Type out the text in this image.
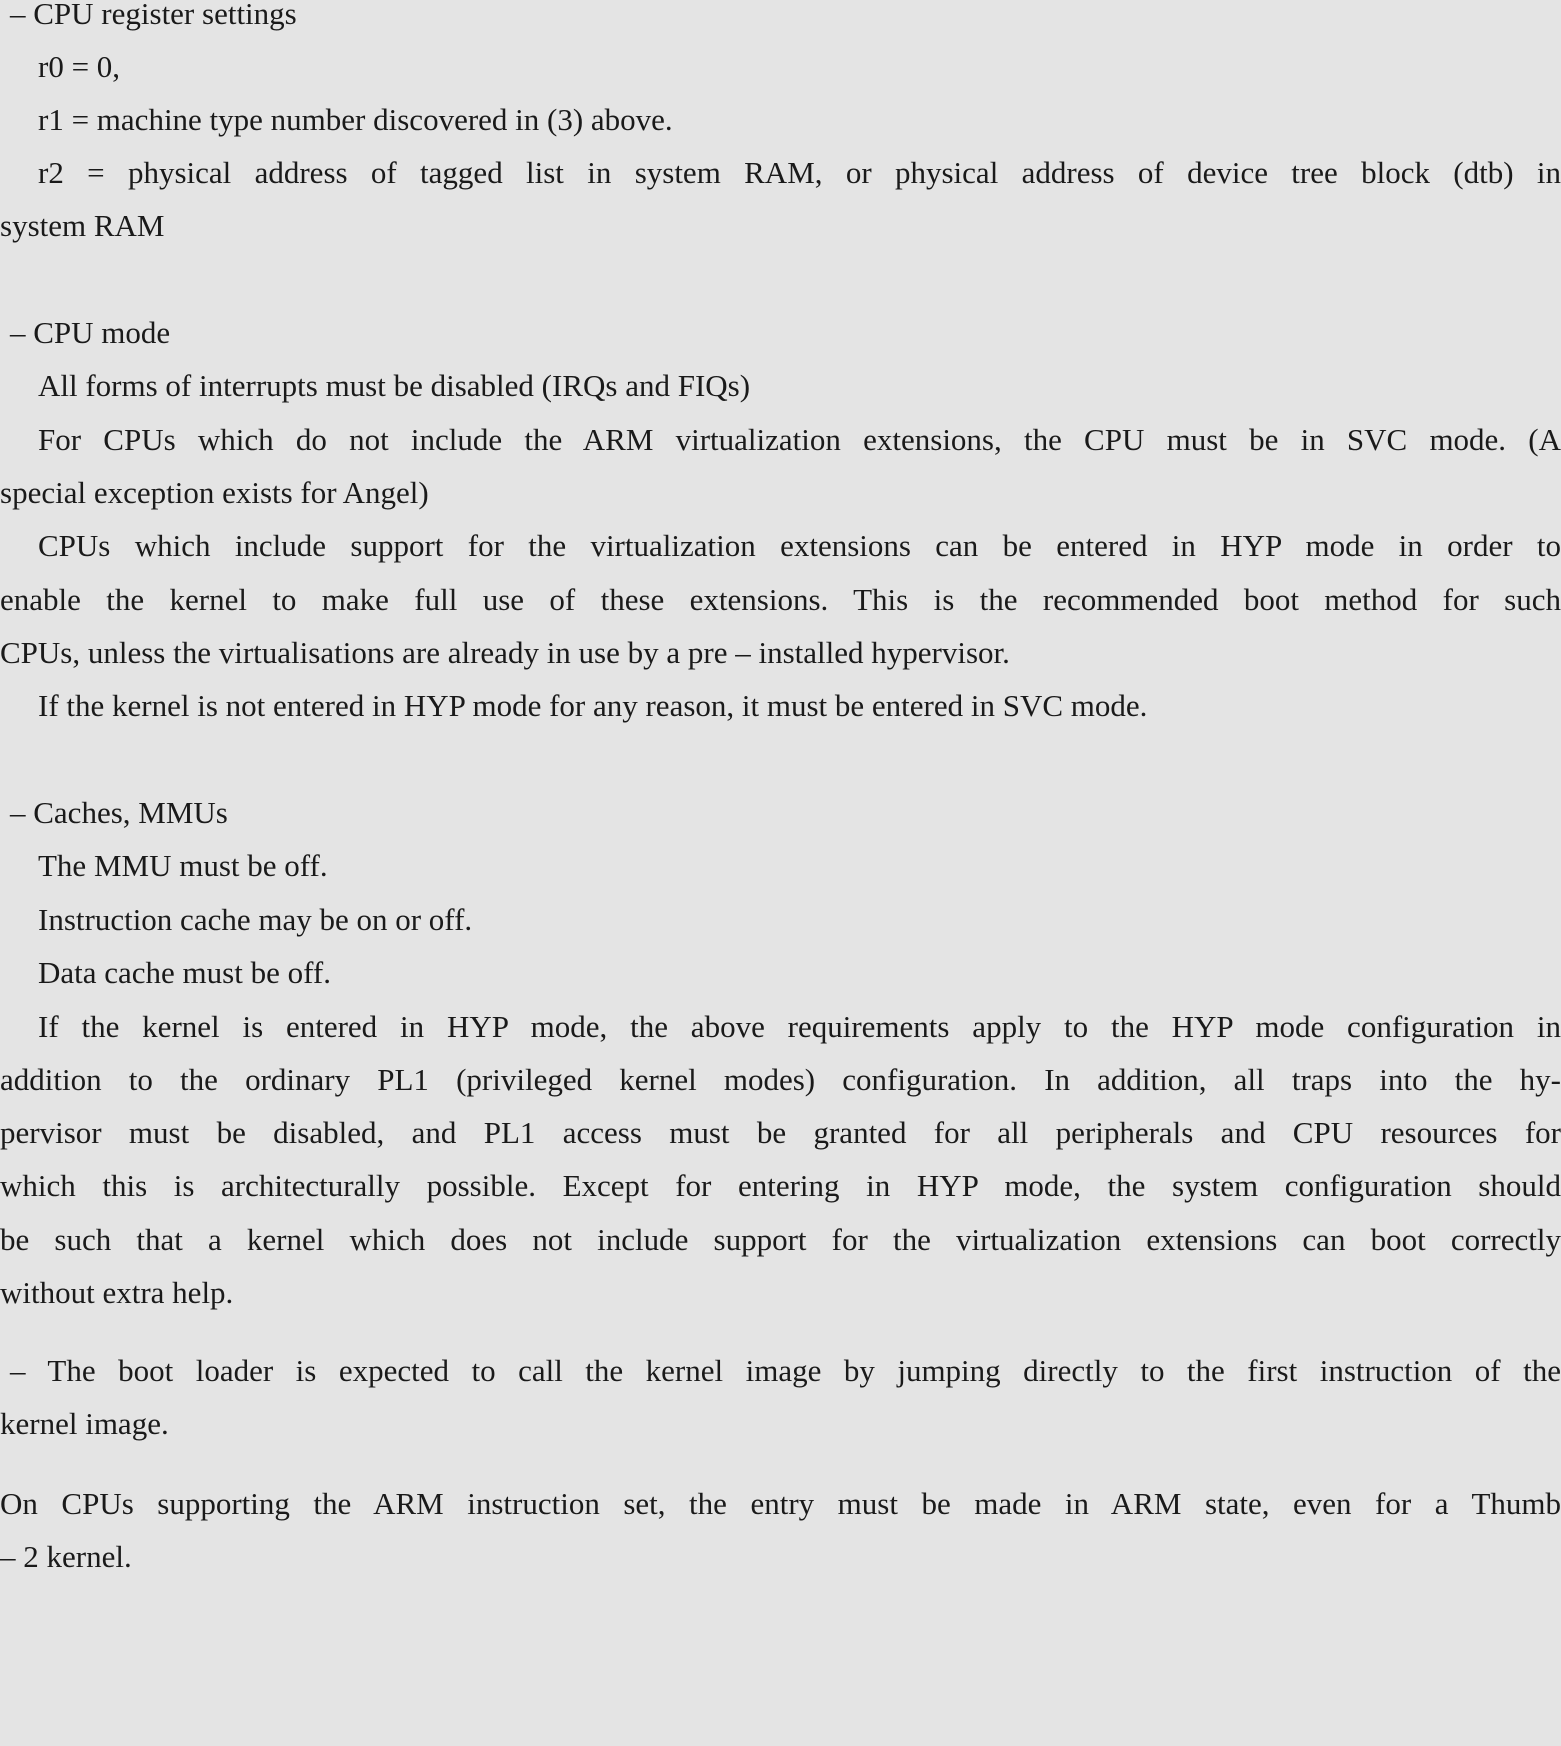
– CPU register settings
r0 = 0,
r1 = machine type number discovered in (3) above.
r2 = physical address of tagged list in system RAM, or physical address of device tree block (dtb) in
system RAM
– CPU mode
All forms of interrupts must be disabled (IRQs and FIQs)
For CPUs which do not include the ARM virtualization extensions, the CPU must be in SVC mode. (A
special exception exists for Angel)
CPUs which include support for the virtualization extensions can be entered in HYP mode in order to
enable the kernel to make full use of these extensions. This is the recommended boot method for such
CPUs, unless the virtualisations are already in use by a pre – installed hypervisor.
If the kernel is not entered in HYP mode for any reason, it must be entered in SVC mode.
– Caches, MMUs
The MMU must be off.
Instruction cache may be on or off.
Data cache must be off.
If the kernel is entered in HYP mode, the above requirements apply to the HYP mode configuration in
addition to the ordinary PL1 (privileged kernel modes) configuration. In addition, all traps into the hy-
pervisor must be disabled, and PL1 access must be granted for all peripherals and CPU resources for
which this is architecturally possible. Except for entering in HYP mode, the system configuration should
be such that a kernel which does not include support for the virtualization extensions can boot correctly
without extra help.
– The boot loader is expected to call the kernel image by jumping directly to the first instruction of the
kernel image.
On CPUs supporting the ARM instruction set, the entry must be made in ARM state, even for a Thumb
– 2 kernel.
